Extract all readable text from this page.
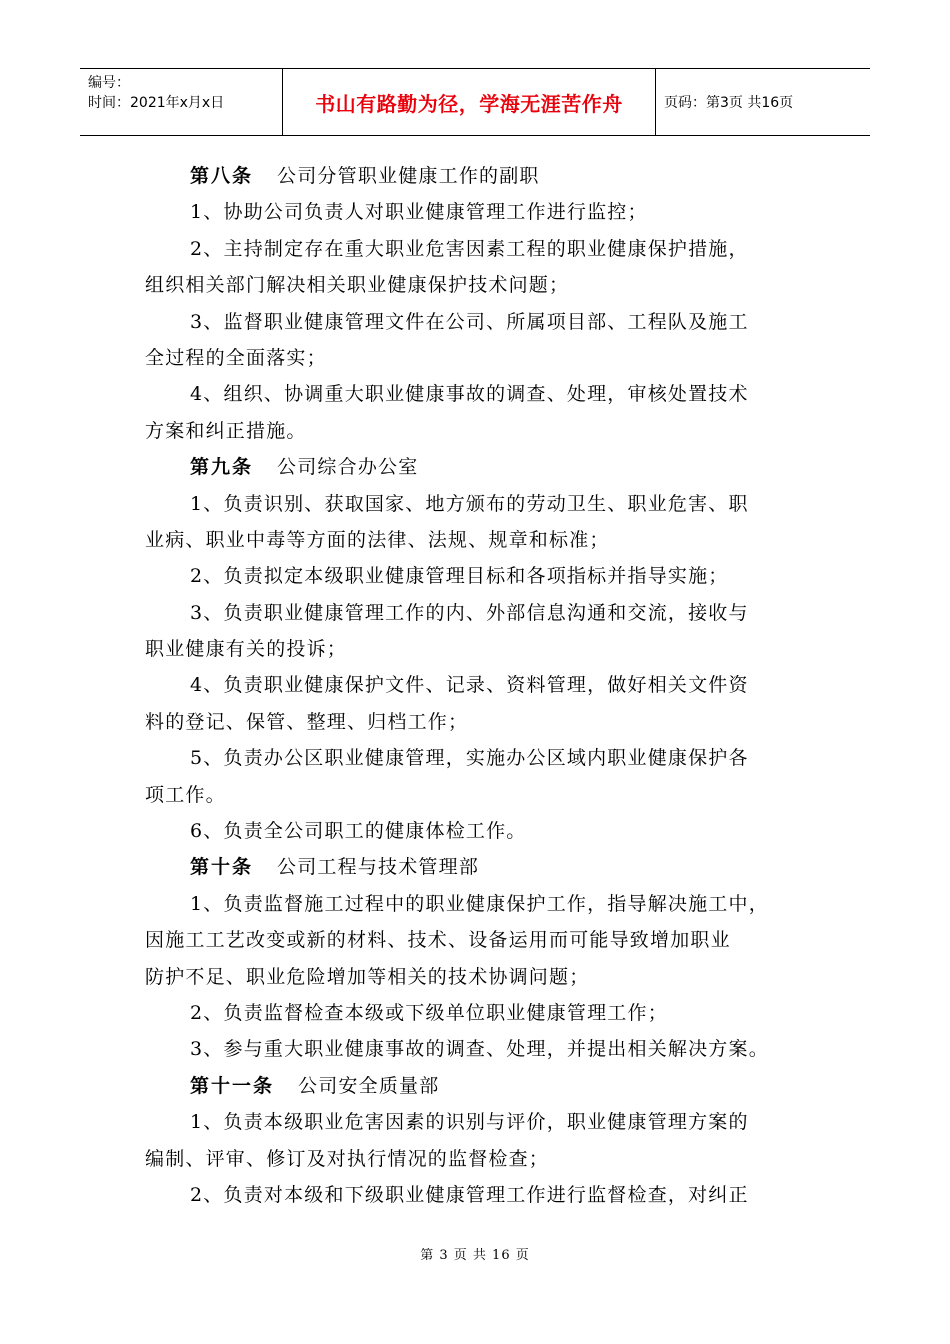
编号：
时间：2021年x月x日	书山有路勤为径，学海无涯苦作舟	页码：第3页 共16页
第八条 公司分管职业健康工作的副职
1、协助公司负责人对职业健康管理工作进行监控；
2、主持制定存在重大职业危害因素工程的职业健康保护措施，
组织相关部门解决相关职业健康保护技术问题；
3、监督职业健康管理文件在公司、所属项目部、工程队及施工
全过程的全面落实；
4、组织、协调重大职业健康事故的调查、处理，审核处置技术
方案和纠正措施。
第九条 公司综合办公室
1、负责识别、获取国家、地方颁布的劳动卫生、职业危害、职
业病、职业中毒等方面的法律、法规、规章和标准；
2、负责拟定本级职业健康管理目标和各项指标并指导实施；
3、负责职业健康管理工作的内、外部信息沟通和交流，接收与
职业健康有关的投诉；
4、负责职业健康保护文件、记录、资料管理，做好相关文件资
料的登记、保管、整理、归档工作；
5、负责办公区职业健康管理，实施办公区域内职业健康保护各
项工作。
6、负责全公司职工的健康体检工作。
第十条 公司工程与技术管理部
1、负责监督施工过程中的职业健康保护工作，指导解决施工中，
因施工工艺改变或新的材料、技术、设备运用而可能导致增加职业
防护不足、职业危险增加等相关的技术协调问题；
2、负责监督检查本级或下级单位职业健康管理工作；
3、参与重大职业健康事故的调查、处理，并提出相关解决方案。
第十一条 公司安全质量部
1、负责本级职业危害因素的识别与评价，职业健康管理方案的
编制、评审、修订及对执行情况的监督检查；
2、负责对本级和下级职业健康管理工作进行监督检查，对纠正
第 3 页 共 16 页
